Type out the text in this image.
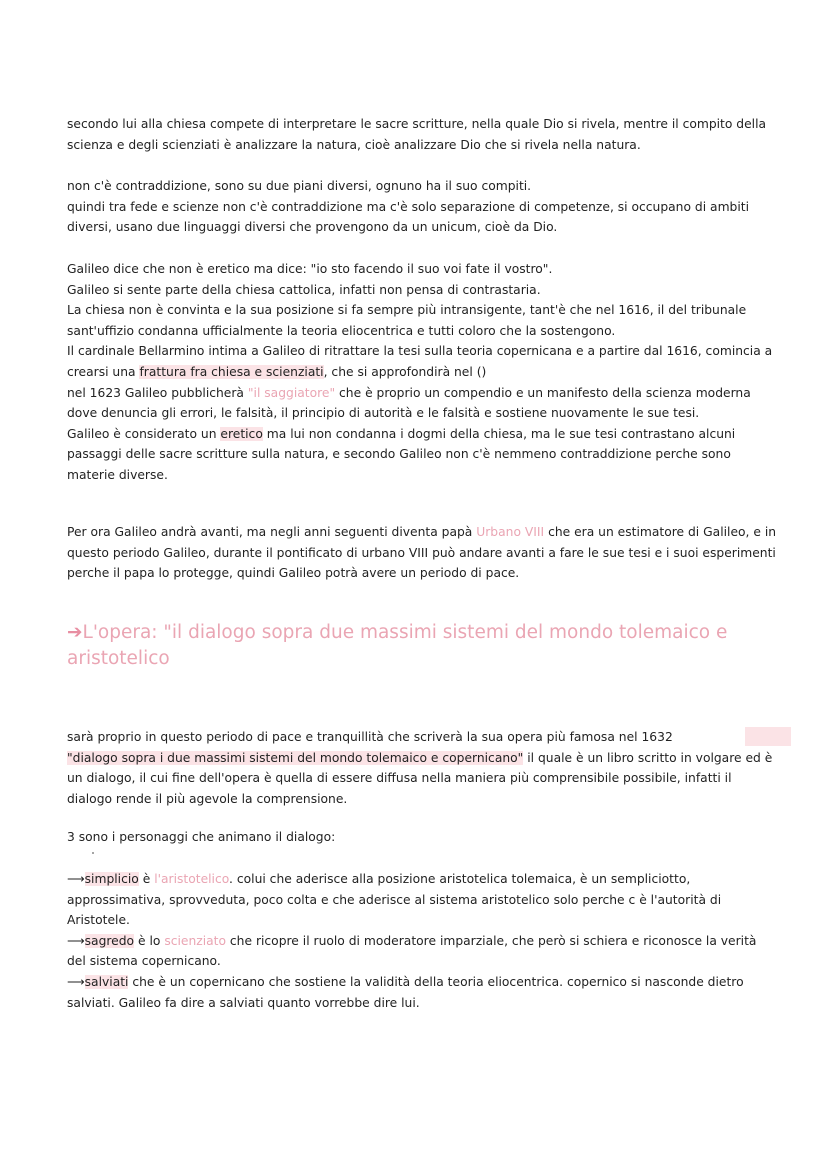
secondo lui alla chiesa compete di interpretare le sacre scritture, nella quale Dio si rivela, mentre il compito della scienza e degli scienziati è analizzare la natura, cioè analizzare Dio che si rivela nella natura.

non c'è contraddizione, sono su due piani diversi, ognuno ha il suo compiti.
quindi tra fede e scienze non c'è contraddizione ma c'è solo separazione di competenze, si occupano di ambiti diversi, usano due linguaggi diversi che provengono da un unicum, cioè da Dio.

Galileo dice che non è eretico ma dice: "io sto facendo il suo voi fate il vostro".
Galileo si sente parte della chiesa cattolica, infatti non pensa di contrastaria.
La chiesa non è convinta e la sua posizione si fa sempre più intransigente, tant'è che nel 1616, il del tribunale sant'uffizio condanna ufficialmente la teoria eliocentrica e tutti coloro che la sostengono.
Il cardinale Bellarmino intima a Galileo di ritrattare la tesi sulla teoria copernicana e a partire dal 1616, comincia a crearsi una frattura fra chiesa e scienziati, che si approfondirà nel ()
nel 1623 Galileo pubblicherà "il saggiatore" che è proprio un compendio e un manifesto della scienza moderna dove denuncia gli errori, le falsità, il principio di autorità e le falsità e sostiene nuovamente le sue tesi.
Galileo è considerato un eretico ma lui non condanna i dogmi della chiesa, ma le sue tesi contrastano alcuni passaggi delle sacre scritture sulla natura, e secondo Galileo non c'è nemmeno contraddizione perche sono materie diverse.

Per ora Galileo andrà avanti, ma negli anni seguenti diventa papà Urbano VIII che era un estimatore di Galileo, e in questo periodo Galileo, durante il pontificato di urbano VIII può andare avanti a fare le sue tesi e i suoi esperimenti perche il papa lo protegge, quindi Galileo potrà avere un periodo di pace.

➔L'opera: "il dialogo sopra due massimi sistemi del mondo tolemaico e aristotelico

sarà proprio in questo periodo di pace e tranquillità che scriverà la sua opera più famosa nel 1632
"dialogo sopra i due massimi sistemi del mondo tolemaico e copernicano" il quale è un libro scritto in volgare ed è un dialogo, il cui fine dell'opera è quella di essere diffusa nella maniera più comprensibile possibile, infatti il dialogo rende il più agevole la comprensione.

3 sono i personaggi che animano il dialogo:

⟶simplicio è l'aristotelico. colui che aderisce alla posizione aristotelica tolemaica, è un sempliciotto, approssimativa, sprovveduta, poco colta e che aderisce al sistema aristotelico solo perche c è l'autorità di Aristotele.
⟶sagredo è lo scienziato che ricopre il ruolo di moderatore imparziale, che però si schiera e riconosce la verità del sistema copernicano.
⟶salviati che è un copernicano che sostiene la validità della teoria eliocentrica. copernico si nasconde dietro salviati. Galileo fa dire a salviati quanto vorrebbe dire lui.
